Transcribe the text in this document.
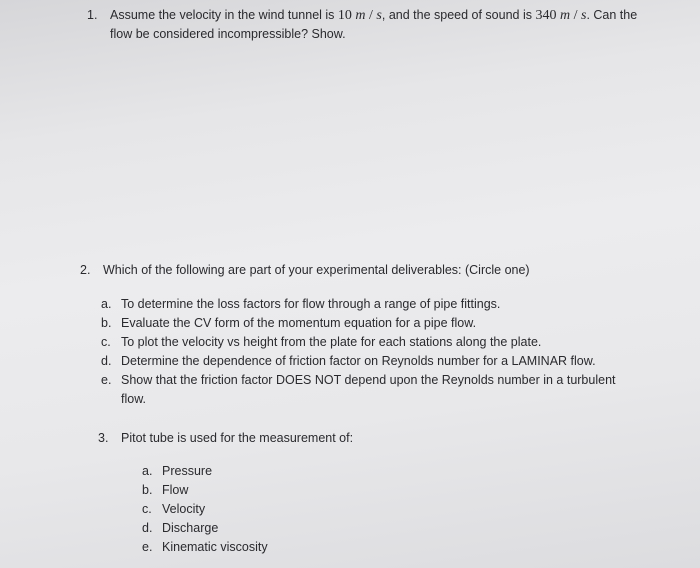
1. Assume the velocity in the wind tunnel is 10 m / s, and the speed of sound is 340 m / s. Can the
flow be considered incompressible? Show.
2. Which of the following are part of your experimental deliverables: (Circle one)
a. To determine the loss factors for flow through a range of pipe fittings.
b. Evaluate the CV form of the momentum equation for a pipe flow.
c. To plot the velocity vs height from the plate for each stations along the plate.
d. Determine the dependence of friction factor on Reynolds number for a LAMINAR flow.
e. Show that the friction factor DOES NOT depend upon the Reynolds number in a turbulent
flow.
3. Pitot tube is used for the measurement of:
a. Pressure
b. Flow
c. Velocity
d. Discharge
e. Kinematic viscosity
